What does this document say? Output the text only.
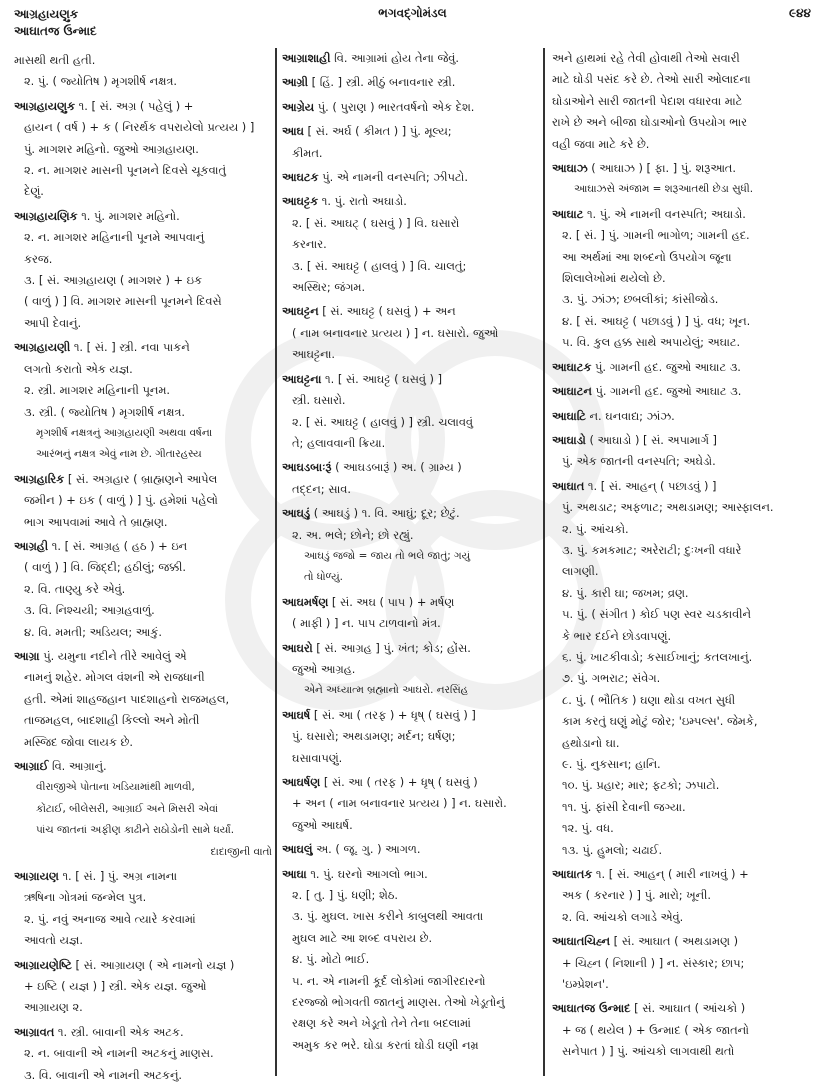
આગ્રહાયણુક
આઘાતજ ઉન્માદ
ભગવદ્ગોમંડલ	૯૪૪
માસથી થતી હતી.
૨. પું. ( જ્યોતિષ ) મૃગશીર્ષ નક્ષત્ર.
આગ્રહાયણુક ૧. [ સં. અગ્ર ( પહેલું ) +
હાયન ( વર્ષ ) + ક ( નિરર્થક વપરાયેલો પ્રત્યય ) ]
પું. માગશર મહિનો. જુઓ આગ્રહાયણ.
૨. ન. માગશર માસની પૂનમને દિવસે ચૂકવાતું
દેણું.
આગ્રહાયણિક ૧. પું. માગશર મહિનો.
૨. ન. માગશર મહિનાની પૂનમે આપવાનું
કરજ.
૩. [ સં. આગ્રહાયણ ( માગશર ) + ઇક
( વાળું ) ] વિ. માગશર માસની પૂનમને દિવસે
આપી દેવાનું.
આગ્રહાયણી ૧. [ સં. ] સ્ત્રી. નવા પાકને
લગતો કરાતો એક યજ્ઞ.
૨. સ્ત્રી. માગશર મહિનાની પૂનમ.
૩. સ્ત્રી. ( જ્યોતિષ ) મૃગશીર્ષ નક્ષત્ર.
મૃગશીર્ષ નક્ષત્રનું આગ્રહાયણી અથવા વર્ષના
આરંભનું નક્ષત્ર એવું નામ છે. ગીતારહસ્ય
આગ્રહારિક [ સં. અગ્રહાર ( બ્રાહ્મણને આપેલ
જમીન ) + ઇક ( વાળું ) ] પું. હમેશાં પહેલો
ભાગ આપવામાં આવે તે બ્રાહ્મણ.
આગ્રહી ૧. [ સં. આગ્રહ ( હઠ ) + ઇન
( વાળું ) ] વિ. જિદ્દી; હઠીલું; જક્કી.
૨. વિ. તાણ્યુ કરે એવું.
૩. વિ. નિશ્ચયી; આગ્રહવાળું.
૪. વિ. મમતી; અડિયલ; આકું.
આગ્રા પું. યમુના નદીને તીરે આવેલું એ
નામનું શહેર. મોગલ વંશની એ રાજધાની
હતી. એમાં શાહજહાન પાદશાહનો રાજમહલ,
તાજમહલ, બાદશાહી કિલ્લો અને મોતી
મસ્જિદ જોવા લાયક છે.
આગ્રાઈ વિ. આગ્રાનું.
વીરાજીએ પોતાના ખડિયામાંથી માળવી,
કોંટાઈ, બીલેસરી, આગ્રાઈ અને મિસરી એવાં
પાંચ જાતનાં અફીણ કાઢીને રાઠોડોની સામે ધર્યાં.
દાદાજીની વાતો
આગ્રાયણ ૧. [ સં. ] પું. અગ્ર નામના
ઋષિના ગોત્રમાં જન્મેલ પુત્ર.
૨. પું. નવું અનાજ આવે ત્યારે કરવામાં
આવતો યજ્ઞ.
આગ્રાયણેષ્ટિ [ સં. આગ્રાયણ ( એ નામનો યજ્ઞ )
+ ઇષ્ટિ ( યજ્ઞ ) ] સ્ત્રી. એક યજ્ઞ. જુઓ
આગ્રાયણ ૨.
આગ્રાવત ૧. સ્ત્રી. બાવાની એક અટક.
૨. ન. બાવાની એ નામની અટકનું માણસ.
૩. વિ. બાવાની એ નામની અટકનું.
આગ્રાશાહી વિ. આગ્રામાં હોય તેના જેવું.
આગ્રી [ હિં. ] સ્ત્રી. મીઠું બનાવનાર સ્ત્રી.
આગ્રેય પું. ( પુરાણ ) ભારતવર્ષનો એક દેશ.
આઘ [ સં. અર્ઘ ( કીમત ) ] પું. મૂલ્ય;
કીમત.
આઘટક પું. એ નામની વનસ્પતિ; ઝીપટો.
આઘટ્ટક ૧. પું. રાતો અઘાડો.
૨. [ સં. આઘટ્ ( ઘસવું ) ] વિ. ઘસારો
કરનાર.
૩. [ સં. આઘટ્ટ ( હાલવું ) ] વિ. ચાલતું;
અસ્થિર; જંગમ.
આઘટ્ટન [ સં. આઘટ્ટ ( ઘસવું ) + અન
( નામ બનાવનાર પ્રત્યય ) ] ન. ઘસારો. જુઓ
આઘટ્ટના.
આઘટ્ટના ૧. [ સં. આઘટ્ટ ( ઘસવું ) ]
સ્ત્રી. ઘસારો.
૨. [ સં. આઘટ્ટ ( હાલવું ) ] સ્ત્રી. ચલાવવું
તે; હલાવવાની ક્રિયા.
આઘડબાઃરૂં ( આઘડબારૂં ) અ. ( ગ્રામ્ય )
તદ્દન; સાવ.
આઘડું ( આઘડું ) ૧. વિ. આઘું; દૂર; છેટું.
૨. અ. ભલે; છોને; છો રહ્યું.
આઘડું જજો = જાય તો ભલે જાતું; ગયું
તો ધોળ્યું.
આઘમર્ષણ [ સં. અઘ ( પાપ ) + મર્ષણ
( માફી ) ] ન. પાપ ટાળવાનો મંત્ર.
આઘરો [ સં. આગ્રહ ] પું. ખંત; કોડ; હોંસ.
જુઓ આગ્રહ.
એને અધ્યાત્મ બ્રહ્માનો આઘરો. નરસિંહ
આઘર્ષ [ સં. આ ( તરફ ) + ધૃષ્ ( ઘસવું ) ]
પું. ઘસારો; અથડામણ; મર્દન; ઘર્ષણ;
ઘસાવાપણું.
આઘર્ષણ [ સં. આ ( તરફ ) + ધૃષ્ ( ઘસવું )
+ અન ( નામ બનાવનાર પ્રત્યય ) ] ન. ઘસારો.
જુઓ આઘર્ષ.
આઘલું અ. ( જૂ. ગુ. ) આગળ.
આઘા ૧. પું. ઘરનો આગલો ભાગ.
૨. [ તુ. ] પું. ધણી; શેઠ.
૩. પું. મુઘલ. ખાસ કરીને કાબુલથી આવતા
મુઘલ માટે આ શબ્દ વપરાય છે.
૪. પું. મોટો ભાઈ.
૫. ન. એ નામની કૂર્દ લોકોમાં જાગીરદારનો
દરજ્જો ભોગવતી જાતનું માણસ. તેઓ ખેડૂતોનું
રક્ષણ કરે અને ખેડૂતો તેને તેના બદલામાં
અમુક કર ભરે. ઘોડા કરતાં ઘોડી ઘણી નમ્ર
અને હાથમાં રહે તેવી હોવાથી તેઓ સવારી
માટે ઘોડી પસંદ કરે છે. તેઓ સારી ઓલાદના
ઘોડાઓને સારી જાતની પેદાશ વધારવા માટે
રાખે છે અને બીજા ઘોડાઓનો ઉપયોગ ભાર
વહી જવા માટે કરે છે.
આઘાઝ ( આઘાઝ ) [ ફા. ] પું. શરૂઆત.
આઘાઝસે અંજામ = શરૂઆતથી છેડા સુધી.
આઘાટ ૧. પું. એ નામની વનસ્પતિ; અઘાડો.
૨. [ સં. ] પું. ગામની ભાગોળ; ગામની હદ.
આ અર્થમાં આ શબ્દનો ઉપયોગ જૂના
શિલાલેખોમાં થયેલો છે.
૩. પું. ઝાંઝ; છબલીકાં; કાંસીજોડ.
૪. [ સં. આઘટ્ટ ( પછાડવું ) ] પું. વધ; ખૂન.
૫. વિ. કુલ હક્ક સાથે અપાયેલું; અઘાટ.
આઘાટક પું. ગામની હદ. જુઓ આઘાટ ૩.
આઘાટન પું. ગામની હદ. જુઓ આઘાટ ૩.
આઘાટિ ન. ઘનવાદ્ય; ઝાંઝ.
આઘાડો ( આઘાડો ) [ સં. અપામાર્ગ ]
પું. એક જાતની વનસ્પતિ; અઘેડો.
આઘાત ૧. [ સં. આહન્ ( પછાડવું ) ]
પું. અથડાટ; અફળાટ; અથડામણ; આસ્ફાલન.
૨. પું. આંચકો.
૩. પું. કમકમાટ; અરેરાટી; દુઃખની વધારે
લાગણી.
૪. પું. કારી ઘા; જખમ; વ્રણ.
૫. પું. ( સંગીત ) કોઈ પણ સ્વર ચડકાવીને
કે ભાર દઈને છોડવાપણું.
૬. પું. ખાટકીવાડો; કસાઈખાનું; કતલખાનું.
૭. પું. ગભરાટ; સંવેગ.
૮. પું. ( ભૌતિક ) ઘણા થોડા વખત સુધી
કામ કરતું ઘણું મોટું જોર; 'ઇમ્પલ્સ'. જેમકે,
હથોડાનો ઘા.
૯. પું. નુકસાન; હાનિ.
૧૦. પું. પ્રહાર; માર; ફટકો; ઝપાટો.
૧૧. પું. ફાંસી દેવાની જગ્યા.
૧૨. પું. વધ.
૧૩. પું. હુમલો; ચઢાઈ.
આઘાતક ૧. [ સં. આહન્ ( મારી નાખવું ) +
અક ( કરનાર ) ] પું. મારો; ખૂની.
૨. વિ. આંચકો લગાડે એવું.
આઘાતચિહ્ન [ સં. આઘાત ( અથડામણ )
+ ચિહ્ન ( નિશાની ) ] ન. સંસ્કાર; છાપ;
'ઇમ્પ્રેશન'.
આઘાતજ ઉન્માદ [ સં. આઘાત ( આંચકો )
+ જ ( થયેલ ) + ઉન્માદ ( એક જાતનો
સનેપાત ) ] પું. આંચકો લાગવાથી થતો
